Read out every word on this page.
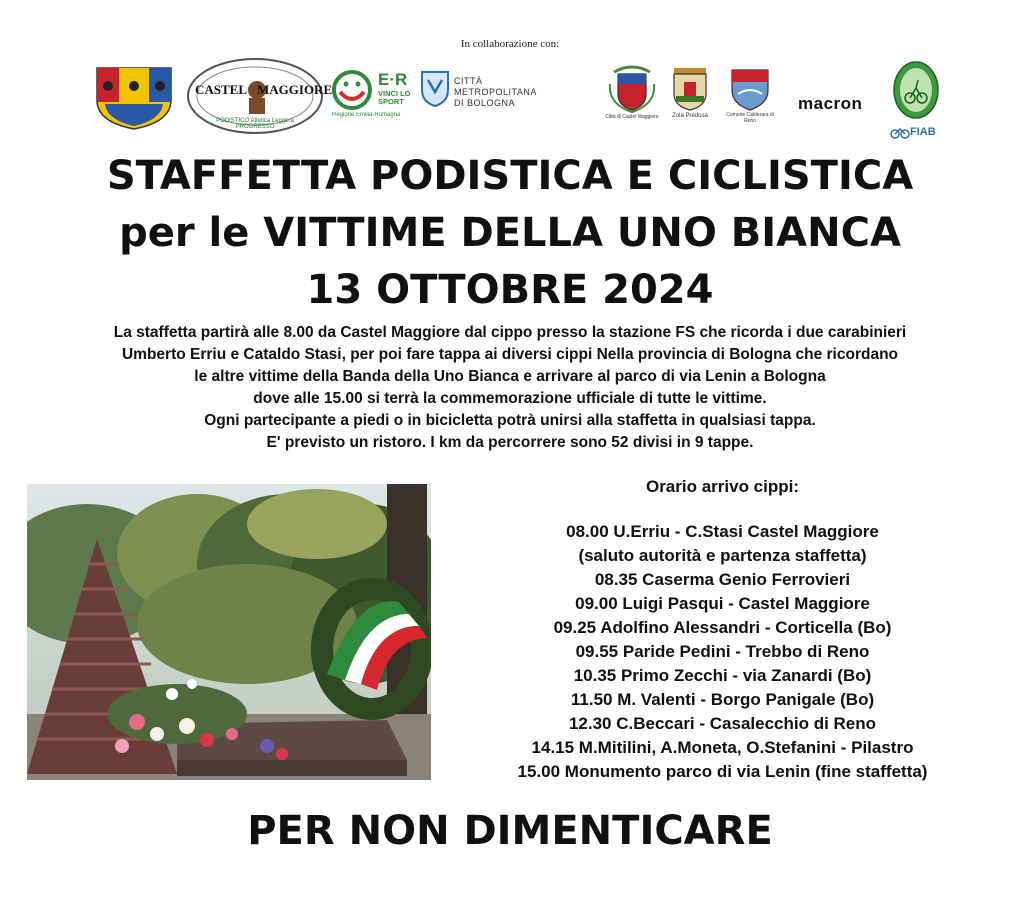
In collaborazione con:
CASTEL MAGGIORE
PODISTICO Atletica Leggera PROGRESSO
E·R
VINCI LO SPORT
Regione Emilia-Romagna
CITTÀ
METROPOLITANA
DI BOLOGNA
Città di Castel Maggiore	Zola Predosa	Comune Calderara di Reno
macron
FIAB
STAFFETTA PODISTICA E CICLISTICA
per le VITTIME DELLA UNO BIANCA
13 OTTOBRE 2024
La staffetta partirà alle 8.00 da Castel Maggiore dal cippo presso la stazione FS che ricorda i due carabinieri
Umberto Erriu e Cataldo Stasi, per poi fare tappa ai diversi cippi Nella provincia di Bologna che ricordano
le altre vittime della Banda della Uno Bianca e arrivare al parco di via Lenin a Bologna
dove alle 15.00 si terrà la commemorazione ufficiale di tutte le vittime.
Ogni partecipante a piedi o in bicicletta potrà unirsi alla staffetta in qualsiasi tappa.
E' previsto un ristoro. I km da percorrere sono 52 divisi in 9 tappe.
Orario arrivo cippi:
08.00 U.Erriu - C.Stasi Castel Maggiore
(saluto autorità e partenza staffetta)
08.35 Caserma Genio Ferrovieri
09.00 Luigi Pasqui - Castel Maggiore
09.25 Adolfino Alessandri - Corticella (Bo)
09.55 Paride Pedini - Trebbo di Reno
10.35 Primo Zecchi - via Zanardi (Bo)
11.50 M. Valenti - Borgo Panigale (Bo)
12.30 C.Beccari - Casalecchio di Reno
14.15 M.Mitilini, A.Moneta, O.Stefanini - Pilastro
15.00 Monumento parco di via Lenin (fine staffetta)
PER NON DIMENTICARE
